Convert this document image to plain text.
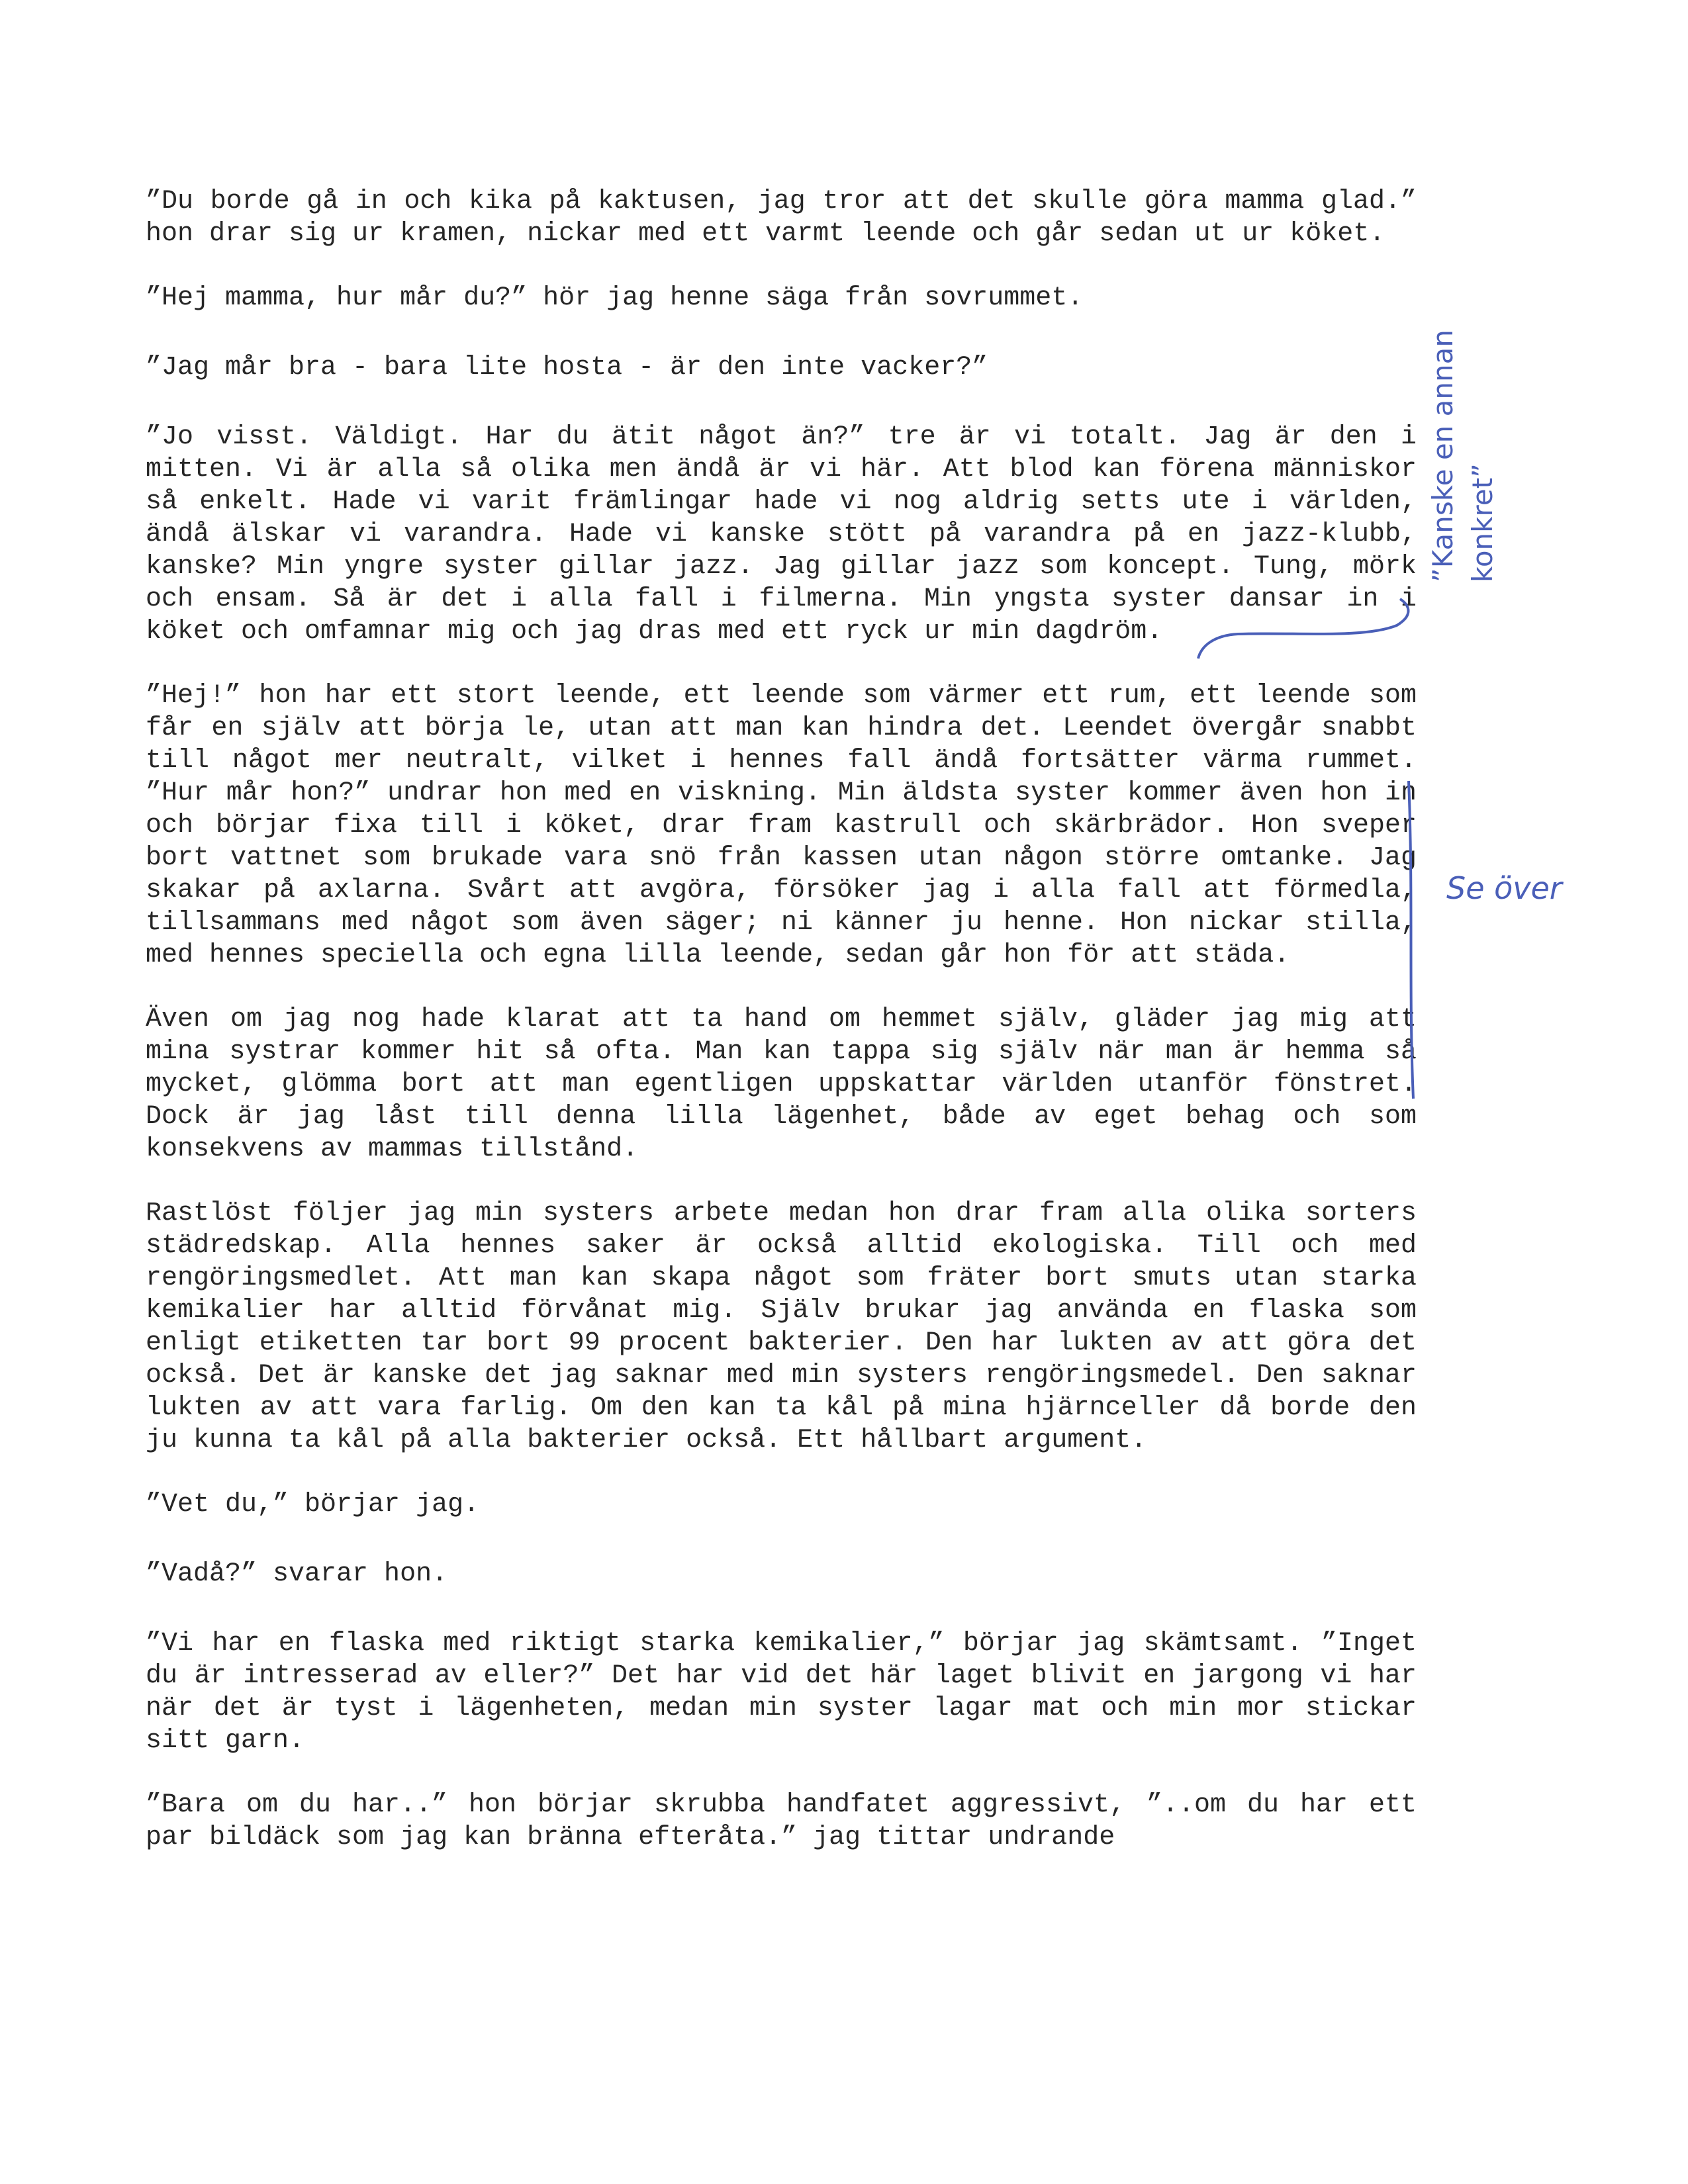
”Du borde gå in och kika på kaktusen, jag tror att det skulle göra mamma glad.” hon drar sig ur kramen, nickar med ett varmt leende och går sedan ut ur köket.

”Hej mamma, hur mår du?” hör jag henne säga från sovrummet.

”Jag mår bra - bara lite hosta - är den inte vacker?”

”Jo visst. Väldigt. Har du ätit något än?” tre är vi totalt. Jag är den i mitten. Vi är alla så olika men ändå är vi här. Att blod kan förena människor så enkelt. Hade vi varit främlingar hade vi nog aldrig setts ute i världen, ändå älskar vi varandra. Hade vi kanske stött på varandra på en jazz-klubb, kanske? Min yngre syster gillar jazz. Jag gillar jazz som koncept. Tung, mörk och ensam. Så är det i alla fall i filmerna. Min yngsta syster dansar in i köket och omfamnar mig och jag dras med ett ryck ur min dagdröm.

”Hej!” hon har ett stort leende, ett leende som värmer ett rum, ett leende som får en själv att börja le, utan att man kan hindra det. Leendet övergår snabbt till något mer neutralt, vilket i hennes fall ändå fortsätter värma rummet. ”Hur mår hon?” undrar hon med en viskning. Min äldsta syster kommer även hon in och börjar fixa till i köket, drar fram kastrull och skärbrädor. Hon sveper bort vattnet som brukade vara snö från kassen utan någon större omtanke. Jag skakar på axlarna. Svårt att avgöra, försöker jag i alla fall att förmedla, tillsammans med något som även säger; ni känner ju henne. Hon nickar stilla, med hennes speciella och egna lilla leende, sedan går hon för att städa.

Även om jag nog hade klarat att ta hand om hemmet själv, gläder jag mig att mina systrar kommer hit så ofta. Man kan tappa sig själv när man är hemma så mycket, glömma bort att man egentligen uppskattar världen utanför fönstret. Dock är jag låst till denna lilla lägenhet, både av eget behag och som konsekvens av mammas tillstånd.

Rastlöst följer jag min systers arbete medan hon drar fram alla olika sorters städredskap. Alla hennes saker är också alltid ekologiska. Till och med rengöringsmedlet. Att man kan skapa något som fräter bort smuts utan starka kemikalier har alltid förvånat mig. Själv brukar jag använda en flaska som enligt etiketten tar bort 99 procent bakterier. Den har lukten av att göra det också. Det är kanske det jag saknar med min systers rengöringsmedel. Den saknar lukten av att vara farlig. Om den kan ta kål på mina hjärnceller då borde den ju kunna ta kål på alla bakterier också. Ett hållbart argument.

”Vet du,” börjar jag.

”Vadå?” svarar hon.

”Vi har en flaska med riktigt starka kemikalier,” börjar jag skämtsamt. ”Inget du är intresserad av eller?” Det har vid det här laget blivit en jargong vi har när det är tyst i lägenheten, medan min syster lagar mat och min mor stickar sitt garn.

”Bara om du har..” hon börjar skrubba handfatet aggressivt, ”..om du har ett par bildäck som jag kan bränna efteråta.” jag tittar undrande

”Kanske en annan konkret”
Se över
